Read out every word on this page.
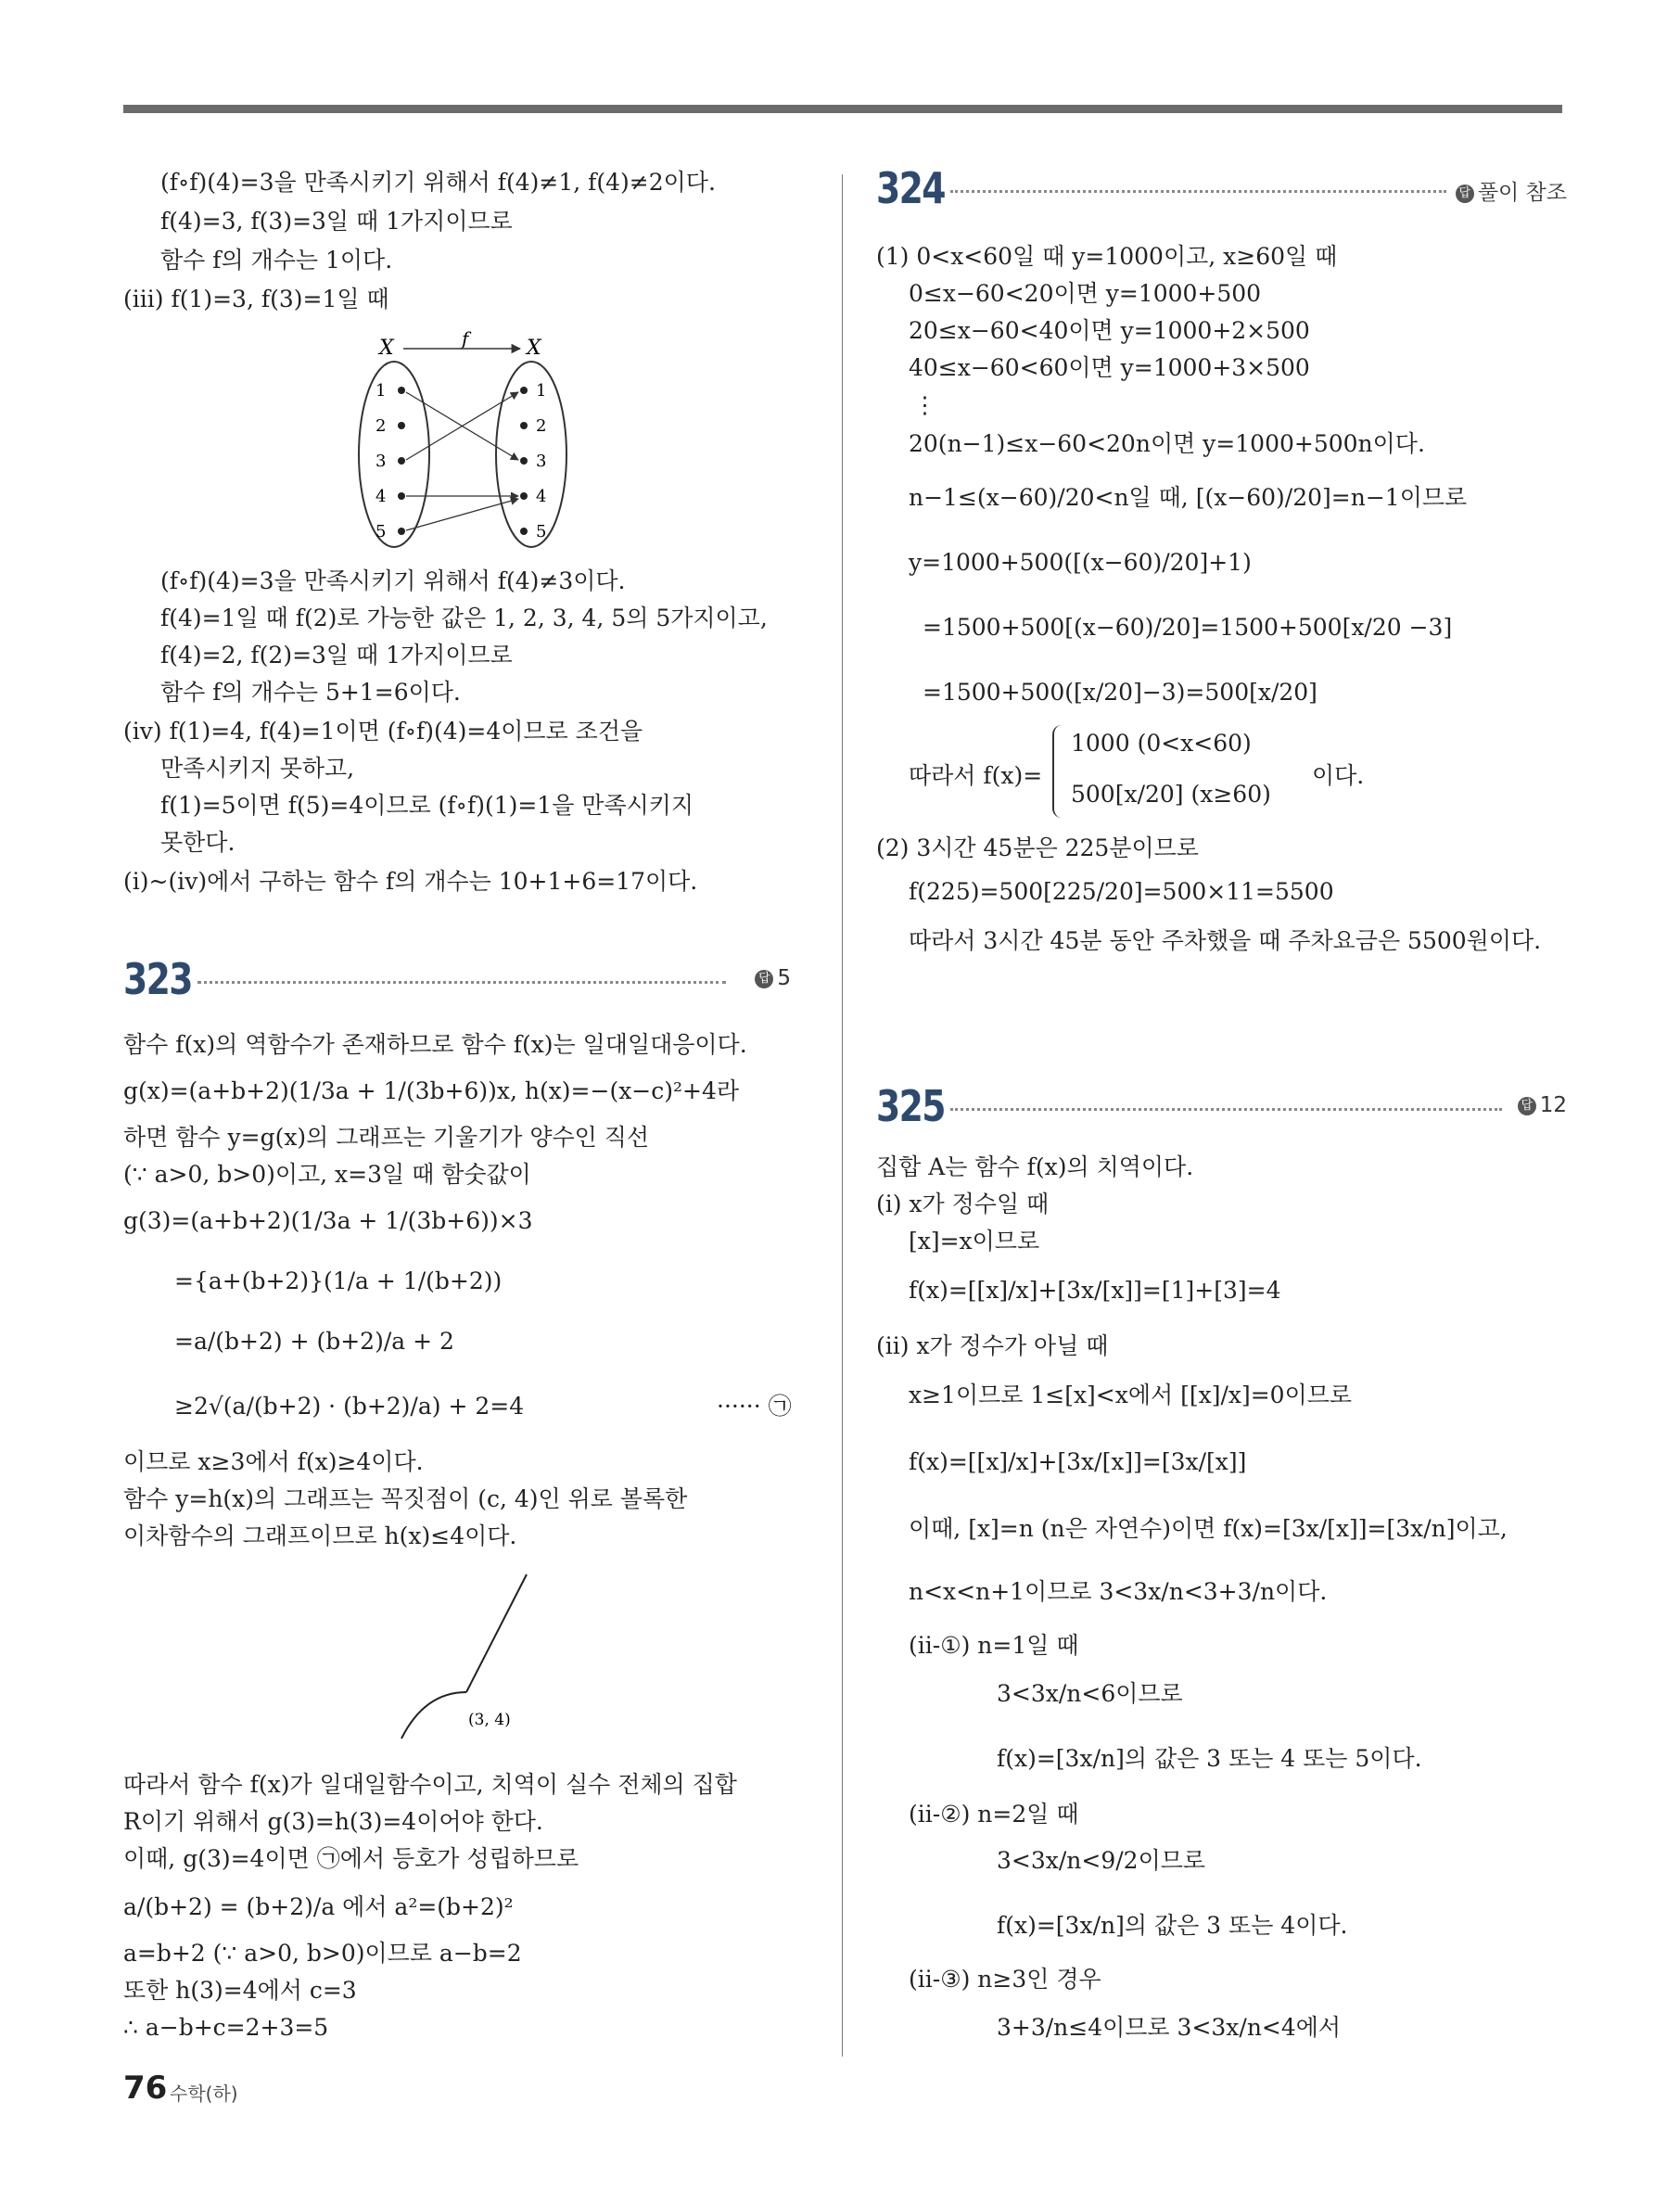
(f∘f)(4)=3을 만족시키기 위해서 f(4)≠1, f(4)≠2이다.
f(4)=3, f(3)=3일 때 1가지이므로
함수 f의 개수는 1이다.
(iii) f(1)=3, f(3)=1일 때
X	X
f
1
2
3
4
5
1
2
3
4
5
(f∘f)(4)=3을 만족시키기 위해서 f(4)≠3이다.
f(4)=1일 때 f(2)로 가능한 값은 1, 2, 3, 4, 5의 5가지이고,
f(4)=2, f(2)=3일 때 1가지이므로
함수 f의 개수는 5+1=6이다.
(iv) f(1)=4, f(4)=1이면 (f∘f)(4)=4이므로 조건을
만족시키지 못하고,
f(1)=5이면 f(5)=4이므로 (f∘f)(1)=1을 만족시키지
못한다.
(i)~(iv)에서 구하는 함수 f의 개수는 10+1+6=17이다.
323	답 5
함수 f(x)의 역함수가 존재하므로 함수 f(x)는 일대일대응이다.
g(x)=(a+b+2)(1/3a + 1/(3b+6))x, h(x)=−(x−c)²+4라
하면 함수 y=g(x)의 그래프는 기울기가 양수인 직선
(∵ a>0, b>0)이고, x=3일 때 함숫값이
g(3)=(a+b+2)(1/3a + 1/(3b+6))×3
={a+(b+2)}(1/a + 1/(b+2))
=a/(b+2) + (b+2)/a + 2
≥2√(a/(b+2) · (b+2)/a) + 2=4	······ ㉠
이므로 x≥3에서 f(x)≥4이다.
함수 y=h(x)의 그래프는 꼭짓점이 (c, 4)인 위로 볼록한
이차함수의 그래프이므로 h(x)≤4이다.
(3, 4)
따라서 함수 f(x)가 일대일함수이고, 치역이 실수 전체의 집합
R이기 위해서 g(3)=h(3)=4이어야 한다.
이때, g(3)=4이면 ㉠에서 등호가 성립하므로
a/(b+2) = (b+2)/a 에서 a²=(b+2)²
a=b+2 (∵ a>0, b>0)이므로 a−b=2
또한 h(3)=4에서 c=3
∴ a−b+c=2+3=5
324	답 풀이 참조
(1) 0<x<60일 때 y=1000이고, x≥60일 때
0≤x−60<20이면 y=1000+500
20≤x−60<40이면 y=1000+2×500
40≤x−60<60이면 y=1000+3×500
⋮
20(n−1)≤x−60<20n이면 y=1000+500n이다.
n−1≤(x−60)/20<n일 때, [(x−60)/20]=n−1이므로
y=1000+500([(x−60)/20]+1)
=1500+500[(x−60)/20]=1500+500[x/20 −3]
=1500+500([x/20]−3)=500[x/20]
따라서 f(x)=
1000 (0<x<60)
500[x/20] (x≥60)
이다.
(2) 3시간 45분은 225분이므로
f(225)=500[225/20]=500×11=5500
따라서 3시간 45분 동안 주차했을 때 주차요금은 5500원이다.
325	답 12
집합 A는 함수 f(x)의 치역이다.
(i) x가 정수일 때
[x]=x이므로
f(x)=[[x]/x]+[3x/[x]]=[1]+[3]=4
(ii) x가 정수가 아닐 때
x≥1이므로 1≤[x]<x에서 [[x]/x]=0이므로
f(x)=[[x]/x]+[3x/[x]]=[3x/[x]]
이때, [x]=n (n은 자연수)이면 f(x)=[3x/[x]]=[3x/n]이고,
n<x<n+1이므로 3<3x/n<3+3/n이다.
(ii-①) n=1일 때
3<3x/n<6이므로
f(x)=[3x/n]의 값은 3 또는 4 또는 5이다.
(ii-②) n=2일 때
3<3x/n<9/2이므로
f(x)=[3x/n]의 값은 3 또는 4이다.
(ii-③) n≥3인 경우
3+3/n≤4이므로 3<3x/n<4에서
76 수학(하)
